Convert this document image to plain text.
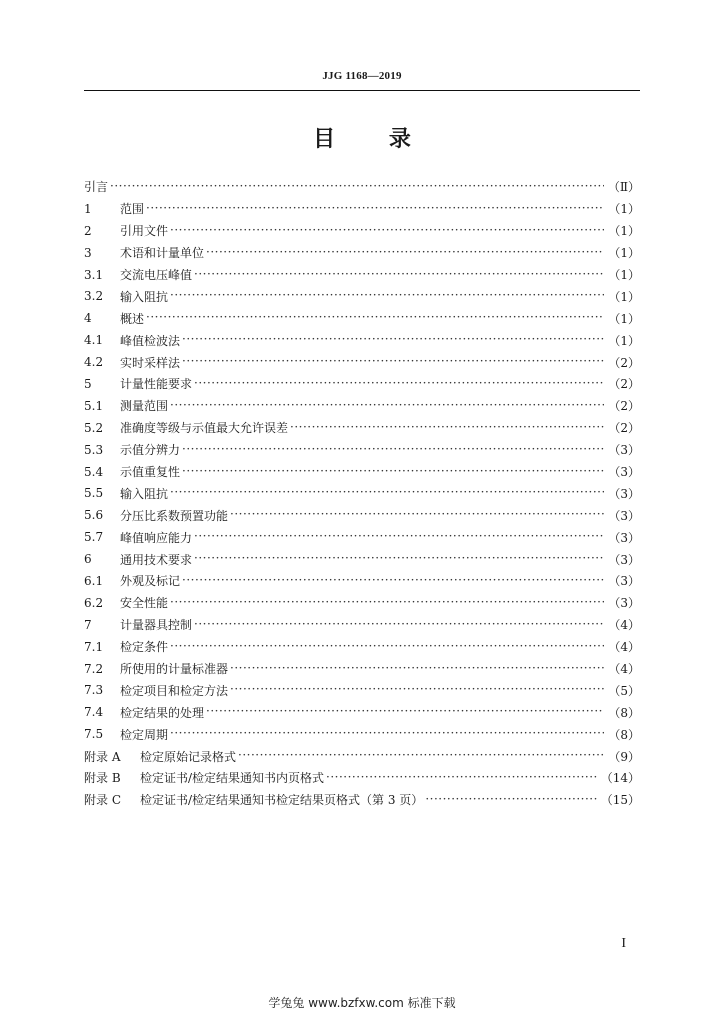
JJG 1168—2019
目 录
引言 ·····	（Ⅱ）
1	范围 ·····	（1）
2	引用文件 ·····	（1）
3	术语和计量单位 ·····	（1）
3.1	交流电压峰值 ·····	（1）
3.2	输入阻抗 ·····	（1）
4	概述 ·····	（1）
4.1	峰值检波法 ·····	（1）
4.2	实时采样法 ·····	（2）
5	计量性能要求 ·····	（2）
5.1	测量范围 ·····	（2）
5.2	准确度等级与示值最大允许误差 ·····	（2）
5.3	示值分辨力 ·····	（3）
5.4	示值重复性 ·····	（3）
5.5	输入阻抗 ·····	（3）
5.6	分压比系数预置功能 ·····	（3）
5.7	峰值响应能力 ·····	（3）
6	通用技术要求 ·····	（3）
6.1	外观及标记 ·····	（3）
6.2	安全性能 ·····	（3）
7	计量器具控制 ·····	（4）
7.1	检定条件 ·····	（4）
7.2	所使用的计量标准器 ·····	（4）
7.3	检定项目和检定方法 ·····	（5）
7.4	检定结果的处理 ·····	（8）
7.5	检定周期 ·····	（8）
附录 A	检定原始记录格式 ·····	（9）
附录 B	检定证书/检定结果通知书内页格式 ·····	（14）
附录 C	检定证书/检定结果通知书检定结果页格式（第 3 页） ·····	（15）
I
学兔兔 www.bzfxw.com 标准下载
